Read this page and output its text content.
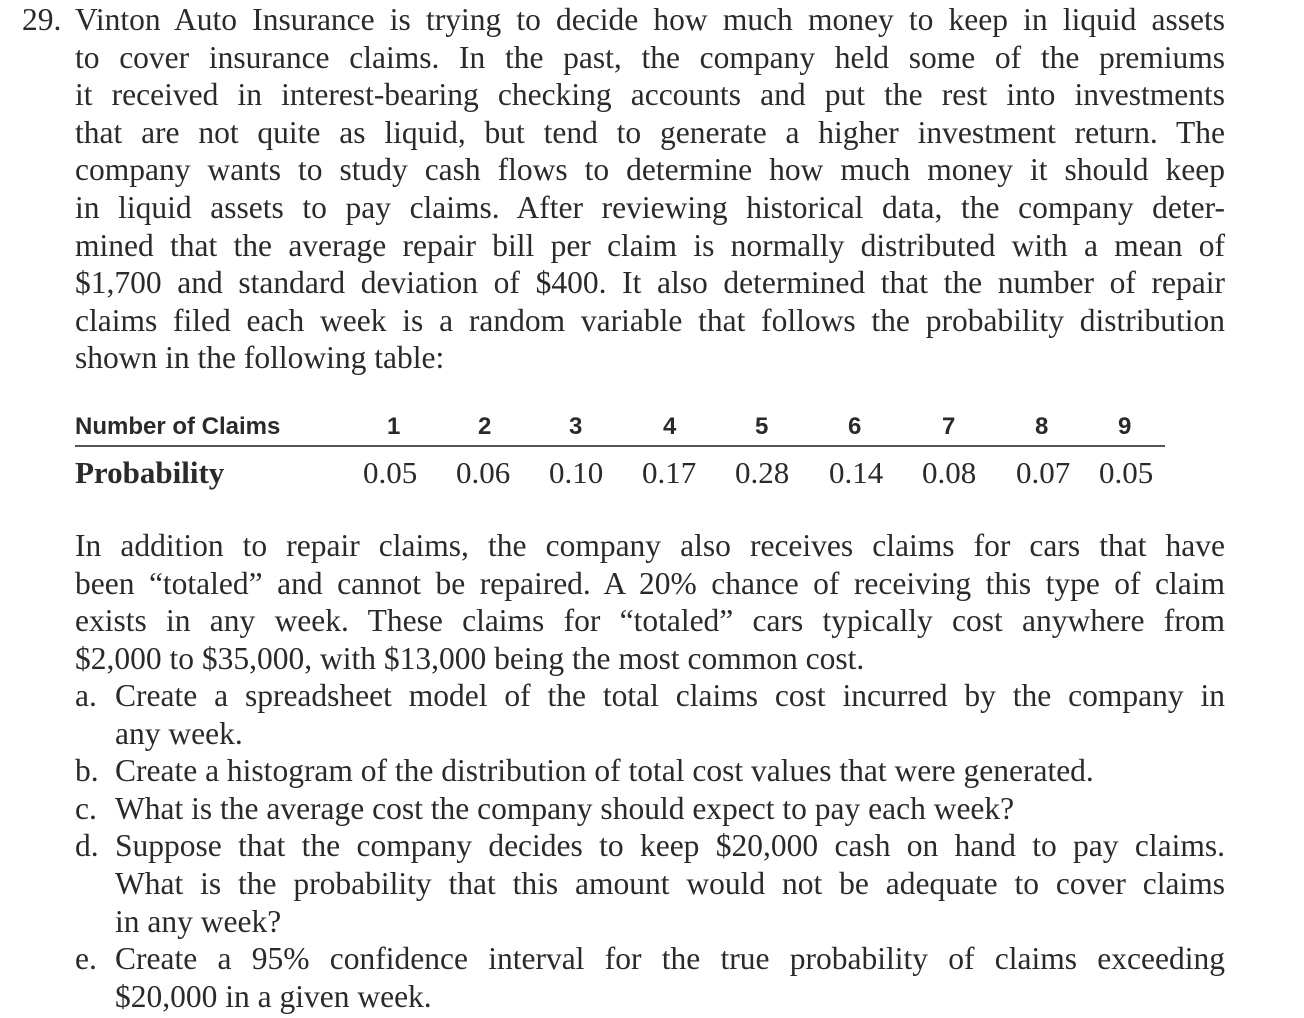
29. Vinton Auto Insurance is trying to decide how much money to keep in liquid assets
to cover insurance claims. In the past, the company held some of the premiums
it received in interest-bearing checking accounts and put the rest into investments
that are not quite as liquid, but tend to generate a higher investment return. The
company wants to study cash flows to determine how much money it should keep
in liquid assets to pay claims. After reviewing historical data, the company deter-
mined that the average repair bill per claim is normally distributed with a mean of
$1,700 and standard deviation of $400. It also determined that the number of repair
claims filed each week is a random variable that follows the probability distribution
shown in the following table:
Number of Claims	1	2	3	4	5	6	7	8	9
Probability	0.05 0.06 0.10 0.17 0.28 0.14 0.08 0.07 0.05
In addition to repair claims, the company also receives claims for cars that have
been “totaled” and cannot be repaired. A 20% chance of receiving this type of claim
exists in any week. These claims for “totaled” cars typically cost anywhere from
$2,000 to $35,000, with $13,000 being the most common cost.
a. Create a spreadsheet model of the total claims cost incurred by the company in
any week.
b. Create a histogram of the distribution of total cost values that were generated.
c. What is the average cost the company should expect to pay each week?
d. Suppose that the company decides to keep $20,000 cash on hand to pay claims.
What is the probability that this amount would not be adequate to cover claims
in any week?
e. Create a 95% confidence interval for the true probability of claims exceeding
$20,000 in a given week.
